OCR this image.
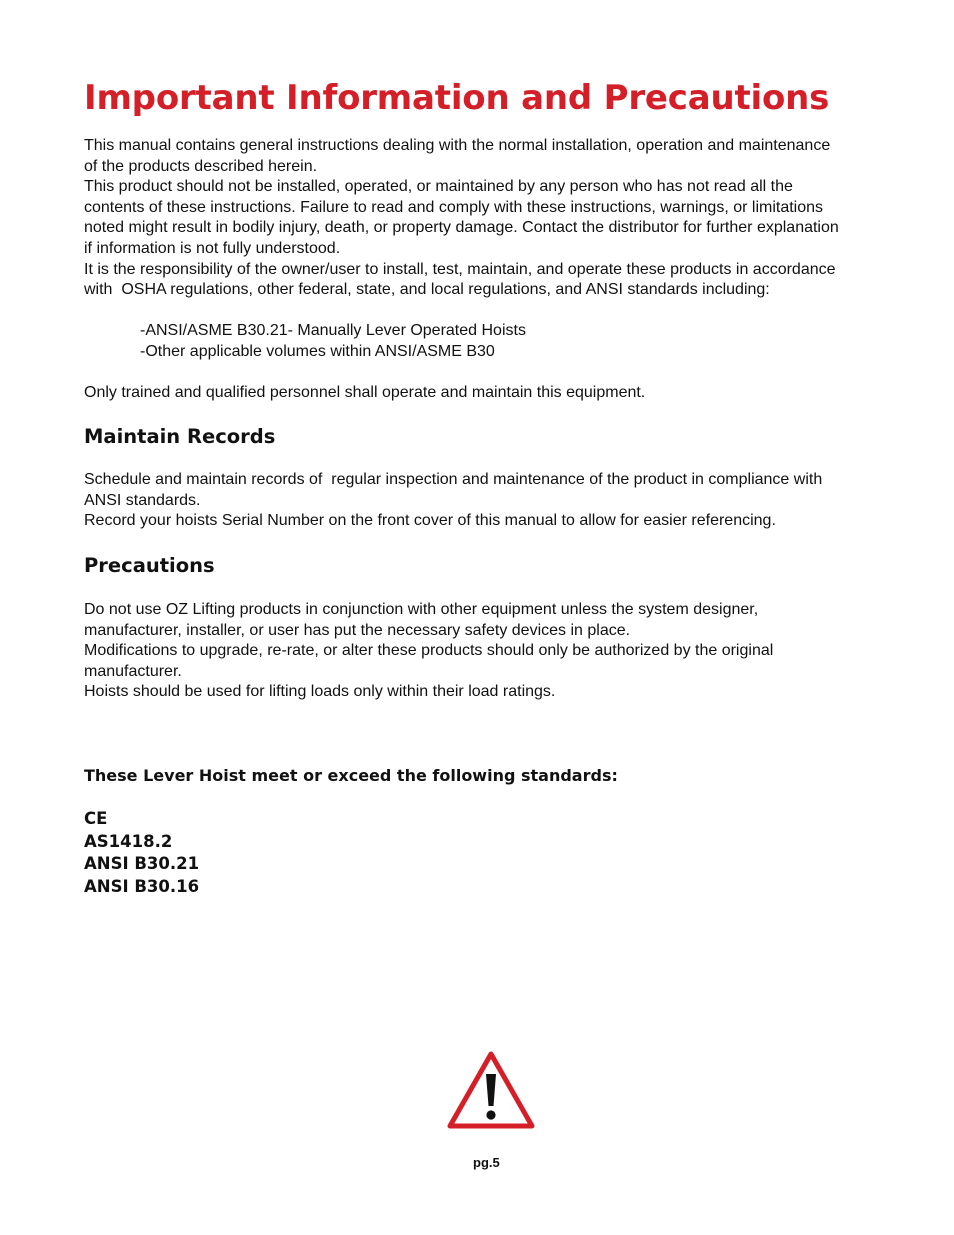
Important Information and Precautions

This manual contains general instructions dealing with the normal installation, operation and maintenance

of the products described herein.

This product should not be installed, operated, or maintained by any person who has not read all the

contents of these instructions. Failure to read and comply with these instructions, warnings, or limitations

noted might result in bodily injury, death, or property damage. Contact the distributor for further explanation

if information is not fully understood.

It is the responsibility of the owner/user to install, test, maintain, and operate these products in accordance

with  OSHA regulations, other federal, state, and local regulations, and ANSI standards including:

-ANSI/ASME B30.21- Manually Lever Operated Hoists

-Other applicable volumes within ANSI/ASME B30

Only trained and qualified personnel shall operate and maintain this equipment.

Maintain Records

Schedule and maintain records of  regular inspection and maintenance of the product in compliance with

ANSI standards.

Record your hoists Serial Number on the front cover of this manual to allow for easier referencing.

Precautions

Do not use OZ Lifting products in conjunction with other equipment unless the system designer,

manufacturer, installer, or user has put the necessary safety devices in place.

Modifications to upgrade, re-rate, or alter these products should only be authorized by the original

manufacturer.

Hoists should be used for lifting loads only within their load ratings.

These Lever Hoist meet or exceed the following standards:

CE

AS1418.2

ANSI B30.21

ANSI B30.16

pg.5
